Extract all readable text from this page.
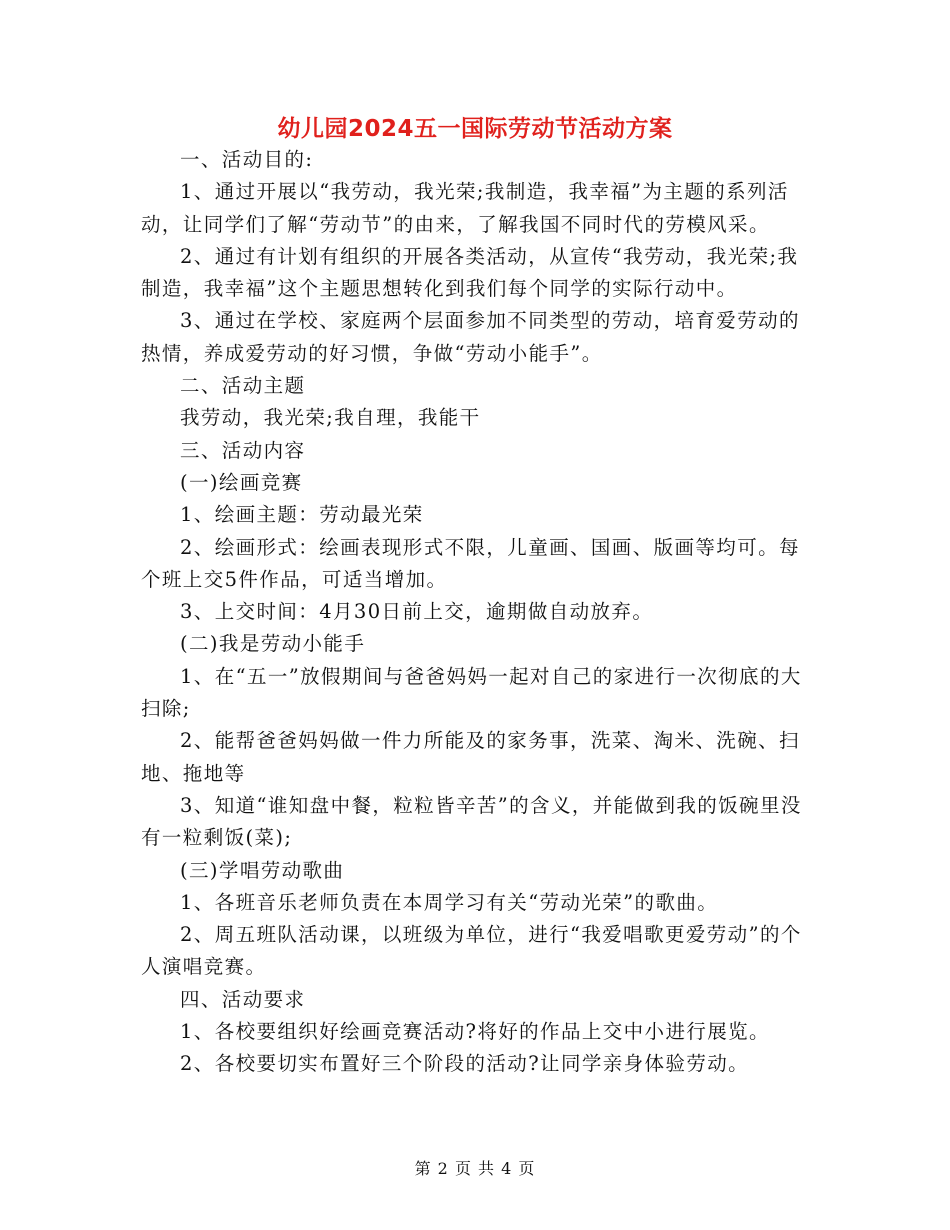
幼儿园2024五一国际劳动节活动方案

一、活动目的:

1、通过开展以“我劳动，我光荣;我制造，我幸福”为主题的系列活动，让同学们了解“劳动节”的由来，了解我国不同时代的劳模风采。

2、通过有计划有组织的开展各类活动，从宣传“我劳动，我光荣;我制造，我幸福”这个主题思想转化到我们每个同学的实际行动中。

3、通过在学校、家庭两个层面参加不同类型的劳动，培育爱劳动的热情，养成爱劳动的好习惯，争做“劳动小能手”。

二、活动主题

我劳动，我光荣;我自理，我能干

三、活动内容

(一)绘画竞赛

1、绘画主题：劳动最光荣

2、绘画形式：绘画表现形式不限，儿童画、国画、版画等均可。每个班上交5件作品，可适当增加。

3、上交时间：4月30日前上交，逾期做自动放弃。

(二)我是劳动小能手

1、在“五一”放假期间与爸爸妈妈一起对自己的家进行一次彻底的大扫除;

2、能帮爸爸妈妈做一件力所能及的家务事，洗菜、淘米、洗碗、扫地、拖地等

3、知道“谁知盘中餐，粒粒皆辛苦”的含义，并能做到我的饭碗里没有一粒剩饭(菜);

(三)学唱劳动歌曲

1、各班音乐老师负责在本周学习有关“劳动光荣”的歌曲。

2、周五班队活动课，以班级为单位，进行“我爱唱歌更爱劳动”的个人演唱竞赛。

四、活动要求

1、各校要组织好绘画竞赛活动?将好的作品上交中小进行展览。

2、各校要切实布置好三个阶段的活动?让同学亲身体验劳动。

第 2 页 共 4 页
